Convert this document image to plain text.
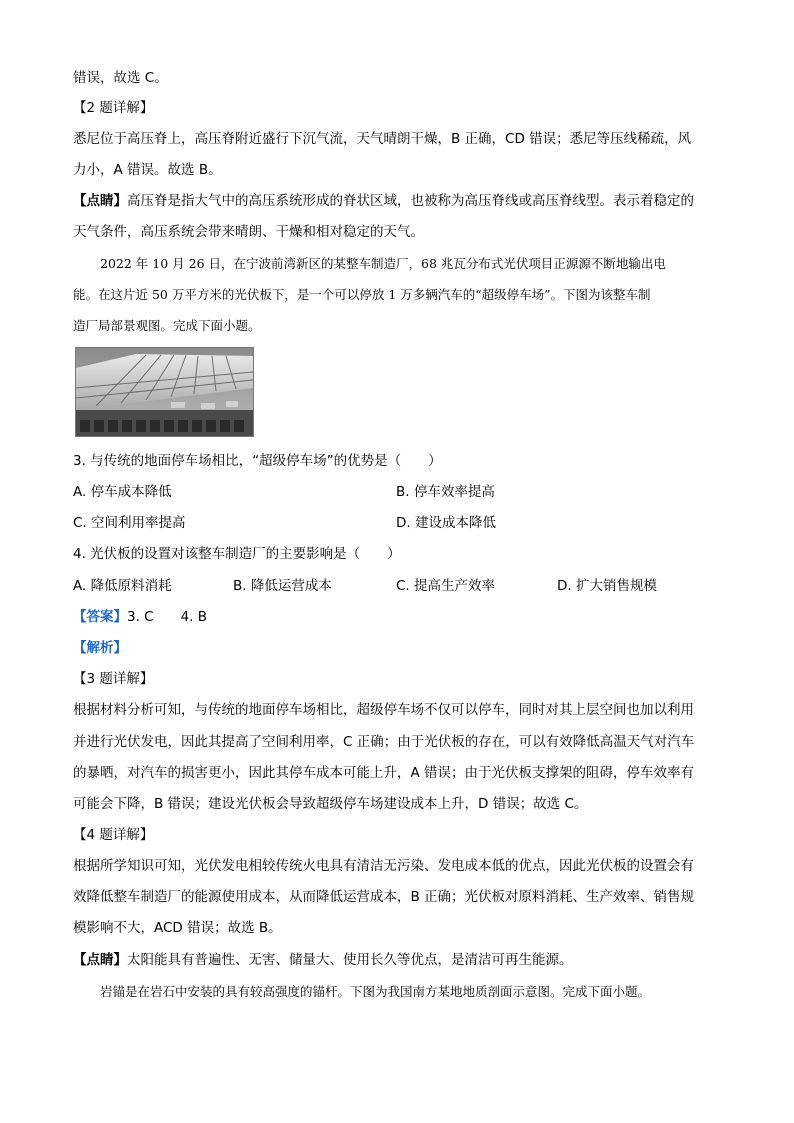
错误，故选 C。
【2 题详解】
悉尼位于高压脊上，高压脊附近盛行下沉气流，天气晴朗干燥，B 正确，CD 错误；悉尼等压线稀疏，风
力小，A 错误。故选 B。
【点睛】高压脊是指大气中的高压系统形成的脊状区域，也被称为高压脊线或高压脊线型。表示着稳定的
天气条件，高压系统会带来晴朗、干燥和相对稳定的天气。
2022 年 10 月 26 日，在宁波前湾新区的某整车制造厂，68 兆瓦分布式光伏项目正源源不断地输出电
能。在这片近 50 万平方米的光伏板下，是一个可以停放 1 万多辆汽车的“超级停车场”。下图为该整车制
造厂局部景观图。完成下面小题。
3. 与传统的地面停车场相比，“超级停车场”的优势是（　　）
A. 停车成本降低	B. 停车效率提高
C. 空间利用率提高	D. 建设成本降低
4. 光伏板的设置对该整车制造厂的主要影响是（　　）
A. 降低原料消耗	B. 降低运营成本	C. 提高生产效率	D. 扩大销售规模
【答案】3. C　　4. B
【解析】
【3 题详解】
根据材料分析可知，与传统的地面停车场相比，超级停车场不仅可以停车，同时对其上层空间也加以利用
并进行光伏发电，因此其提高了空间利用率，C 正确；由于光伏板的存在，可以有效降低高温天气对汽车
的暴晒，对汽车的损害更小，因此其停车成本可能上升，A 错误；由于光伏板支撑架的阻碍，停车效率有
可能会下降，B 错误；建设光伏板会导致超级停车场建设成本上升，D 错误；故选 C。
【4 题详解】
根据所学知识可知，光伏发电相较传统火电具有清洁无污染、发电成本低的优点，因此光伏板的设置会有
效降低整车制造厂的能源使用成本，从而降低运营成本，B 正确；光伏板对原料消耗、生产效率、销售规
模影响不大，ACD 错误；故选 B。
【点睛】太阳能具有普遍性、无害、储量大、使用长久等优点，是清洁可再生能源。
岩锚是在岩石中安装的具有较高强度的锚杆。下图为我国南方某地地质剖面示意图。完成下面小题。
